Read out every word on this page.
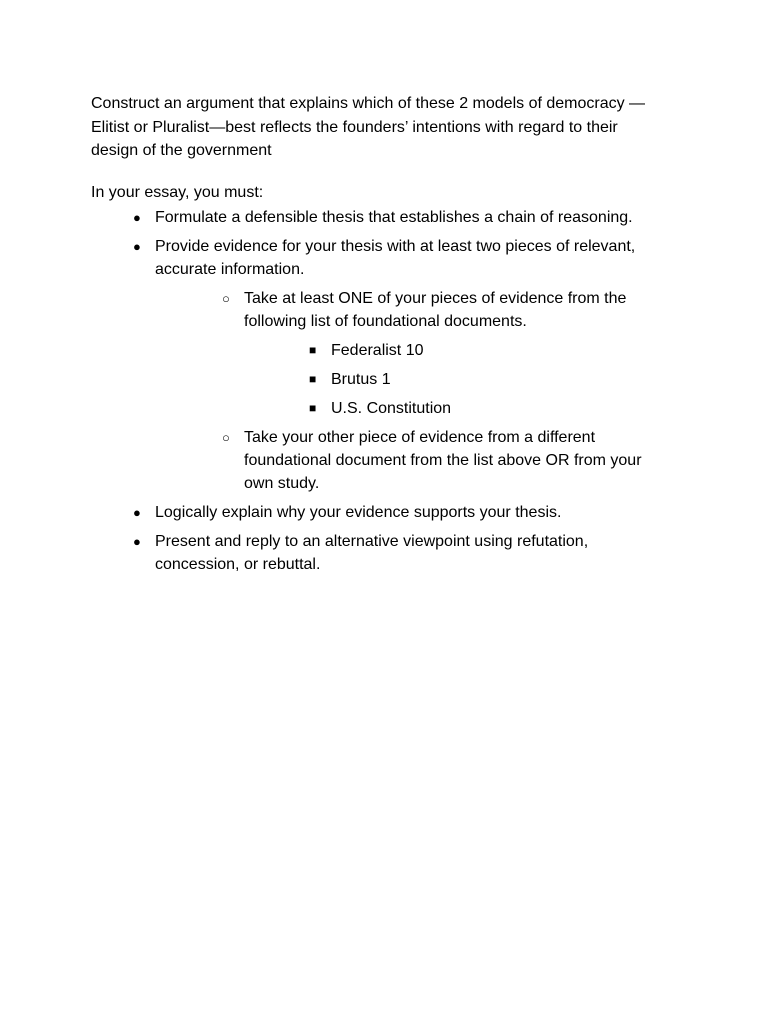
Construct an argument that explains which of these 2 models of democracy —
Elitist or Pluralist—best reflects the founders’ intentions with regard to their
design of the government

In your essay, you must:

● Formulate a defensible thesis that establishes a chain of reasoning.
● Provide evidence for your thesis with at least two pieces of relevant,
accurate information.
○ Take at least ONE of your pieces of evidence from the
following list of foundational documents.
■ Federalist 10
■ Brutus 1
■ U.S. Constitution
○ Take your other piece of evidence from a different
foundational document from the list above OR from your
own study.
● Logically explain why your evidence supports your thesis.
● Present and reply to an alternative viewpoint using refutation,
concession, or rebuttal.
